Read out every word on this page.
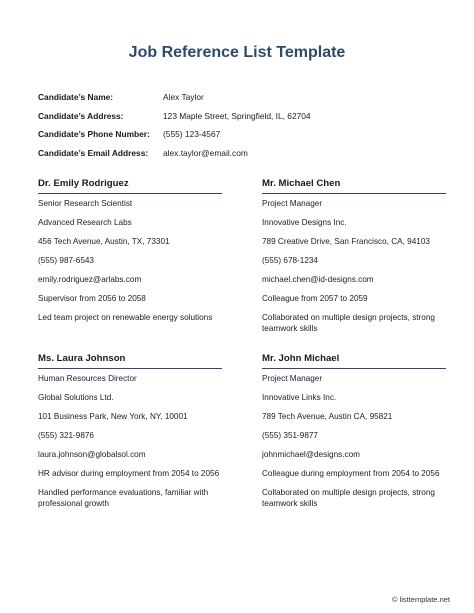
Job Reference List Template
Candidate’s Name:	Alex Taylor
Candidate’s Address:	123 Maple Street, Springfield, IL, 62704
Candidate’s Phone Number:	(555) 123-4567
Candidate’s Email Address:	alex.taylor@email.com
Dr. Emily Rodriguez
Senior Research Scientist
Advanced Research Labs
456 Tech Avenue, Austin, TX, 73301
(555) 987-6543
emily.rodriguez@arlabs.com
Supervisor from 2056 to 2058
Led team project on renewable energy solutions
Mr. Michael Chen
Project Manager
Innovative Designs Inc.
789 Creative Drive, San Francisco, CA, 94103
(555) 678-1234
michael.chen@id-designs.com
Colleague from 2057 to 2059
Collaborated on multiple design projects, strong teamwork skills
Ms. Laura Johnson
Human Resources Director
Global Solutions Ltd.
101 Business Park, New York, NY, 10001
(555) 321-9876
laura.johnson@globalsol.com
HR advisor during employment from 2054 to 2056
Handled performance evaluations, familiar with professional growth
Mr. John Michael
Project Manager
Innovative Links Inc.
789 Tech Avenue, Austin CA, 95821
(555) 351-9877
johnmichael@designs.com
Colleague during employment from 2054 to 2056
Collaborated on multiple design projects, strong teamwork skills
© listtemplate.net
